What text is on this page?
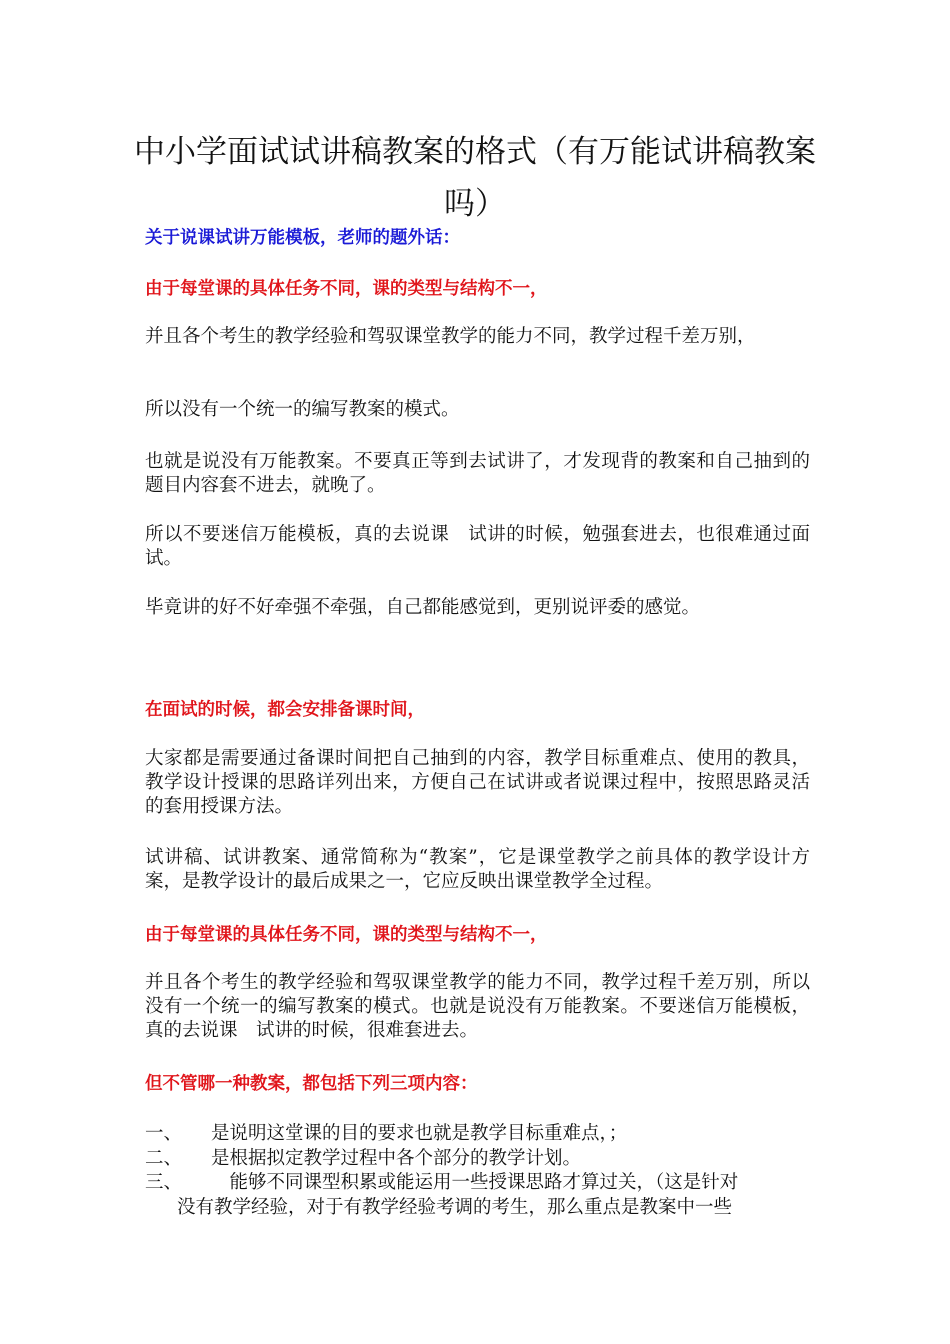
中小学面试试讲稿教案的格式（有万能试讲稿教案吗）

关于说课试讲万能模板，老师的题外话：

由于每堂课的具体任务不同，课的类型与结构不一，

并且各个考生的教学经验和驾驭课堂教学的能力不同，教学过程千差万别，

所以没有一个统一的编写教案的模式。

也就是说没有万能教案。不要真正等到去试讲了，才发现背的教案和自己抽到的题目内容套不进去，就晚了。

所以不要迷信万能模板，真的去说课　试讲的时候，勉强套进去，也很难通过面试。

毕竟讲的好不好牵强不牵强，自己都能感觉到，更别说评委的感觉。

在面试的时候，都会安排备课时间，

大家都是需要通过备课时间把自己抽到的内容，教学目标重难点、使用的教具，教学设计授课的思路详列出来，方便自己在试讲或者说课过程中，按照思路灵活的套用授课方法。

试讲稿、试讲教案、通常简称为“教案”，它是课堂教学之前具体的教学设计方案，是教学设计的最后成果之一，它应反映出课堂教学全过程。

由于每堂课的具体任务不同，课的类型与结构不一，

并且各个考生的教学经验和驾驭课堂教学的能力不同，教学过程千差万别，所以没有一个统一的编写教案的模式。也就是说没有万能教案。不要迷信万能模板，真的去说课　试讲的时候，很难套进去。

但不管哪一种教案，都包括下列三项内容：

一、 是说明这堂课的目的要求也就是教学目标重难点，；
二、 是根据拟定教学过程中各个部分的教学计划。
三、　能够不同课型积累或能运用一些授课思路才算过关，（这是针对
没有教学经验，对于有教学经验考调的考生，那么重点是教案中一些
